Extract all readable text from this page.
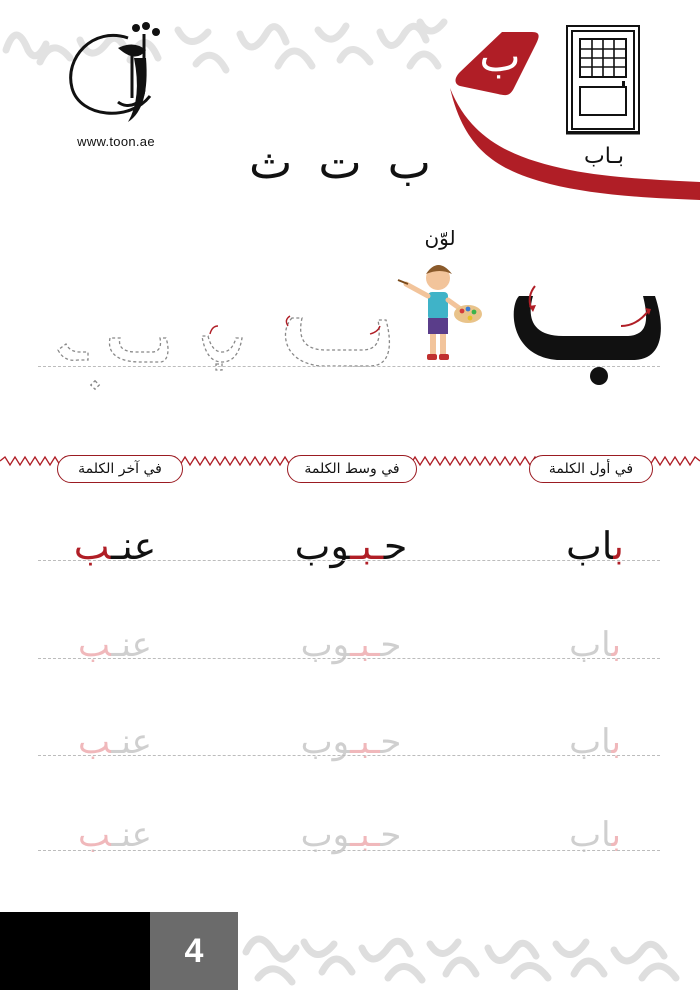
www.toon.ae
ب
بـاب
ب
ت
ث
لوّن
في أول الكلمة
في وسط الكلمة
في آخر الكلمة
باب
حـبـوب
عنـب
باب
حـبـوب
عنـب
باب
حـبـوب
عنـب
باب
حـبـوب
عنـب
4
